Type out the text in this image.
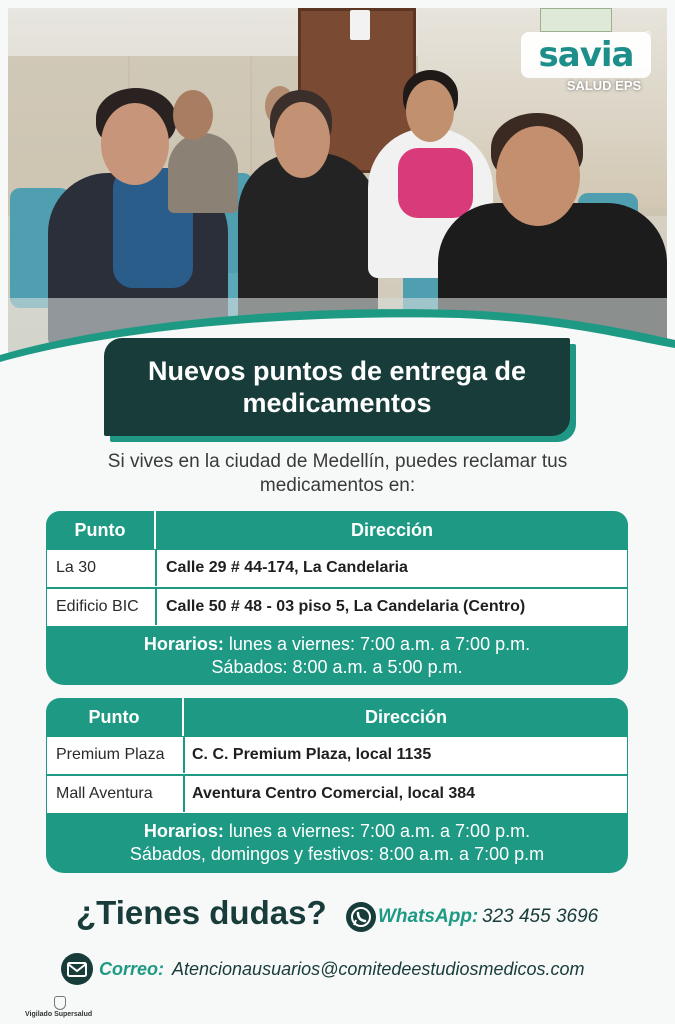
savia ®
SALUD EPS
Nuevos puntos de entrega de medicamentos
Si vives en la ciudad de Medellín, puedes reclamar tus medicamentos en:
Punto	Dirección
La 30	Calle 29 # 44-174, La Candelaria
Edificio BIC	Calle 50 # 48 - 03 piso 5, La Candelaria (Centro)
Horarios: lunes a viernes: 7:00 a.m. a 7:00 p.m.
Sábados: 8:00 a.m. a 5:00 p.m.
Punto	Dirección
Premium Plaza	C. C. Premium Plaza, local 1135
Mall Aventura	Aventura Centro Comercial, local 384
Horarios: lunes a viernes: 7:00 a.m. a 7:00 p.m.
Sábados, domingos y festivos: 8:00 a.m. a 7:00 p.m
¿Tienes dudas?	WhatsApp: 323 455 3696
Correo: Atencionausuarios@comitedeestudiosmedicos.com
Vigilado Supersalud
